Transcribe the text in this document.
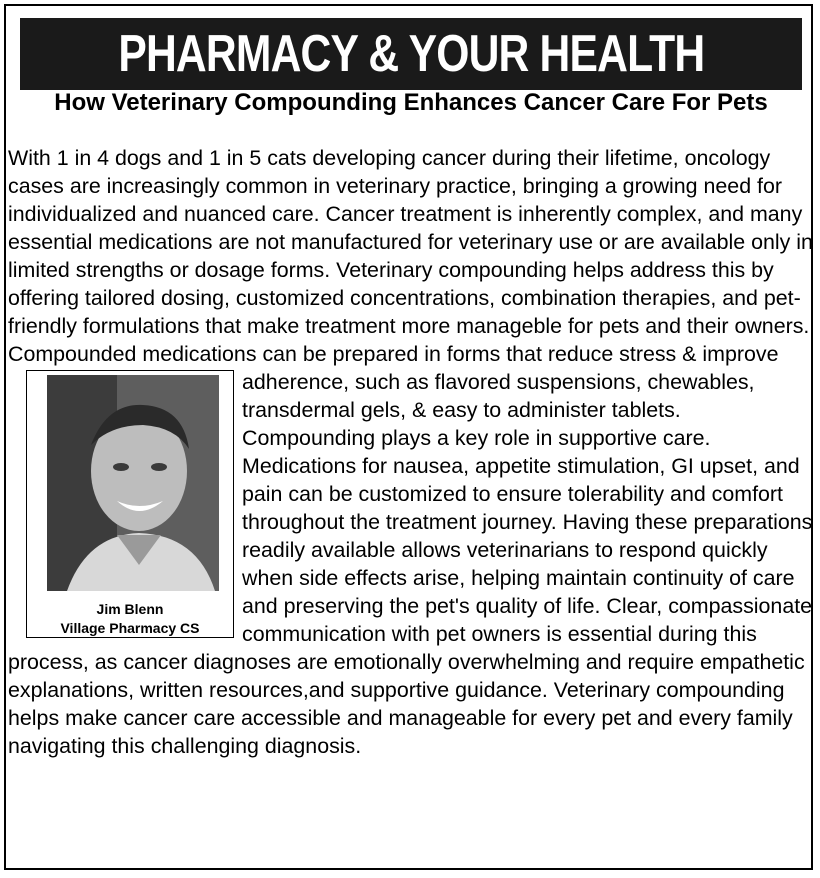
PHARMACY & YOUR HEALTH
How Veterinary Compounding Enhances Cancer Care For Pets
Jim Blenn
Village Pharmacy CS

With 1 in 4 dogs and 1 in 5 cats developing cancer during their lifetime, oncology cases are increasingly common in veterinary practice, bringing a growing need for individualized and nuanced care. Cancer treatment is inherently complex, and many essential medications are not manufactured for veterinary use or are available only in limited strengths or dosage forms. Veterinary compounding helps address this by offering tailored dosing, customized concentrations, combination therapies, and pet-friendly formulations that make treatment more manageble for pets and their owners. Compounded medications can be prepared in forms that reduce stress & improve adherence, such as flavored suspensions, chewables, transdermal gels, & easy to administer tablets. Compounding plays a key role in supportive care. Medications for nausea, appetite stimulation, GI upset, and pain can be customized to ensure tolerability and comfort throughout the treatment journey. Having these preparations readily available allows veterinarians to respond quickly when side effects arise, helping maintain continuity of care and preserving the pet's quality of life. Clear, compassionate communication with pet owners is essential during this process, as cancer diagnoses are emotionally overwhelming and require empathetic explanations, written resources,and supportive guidance. Veterinary compounding helps make cancer care accessible and manageable for every pet and every family navigating this challenging diagnosis.
